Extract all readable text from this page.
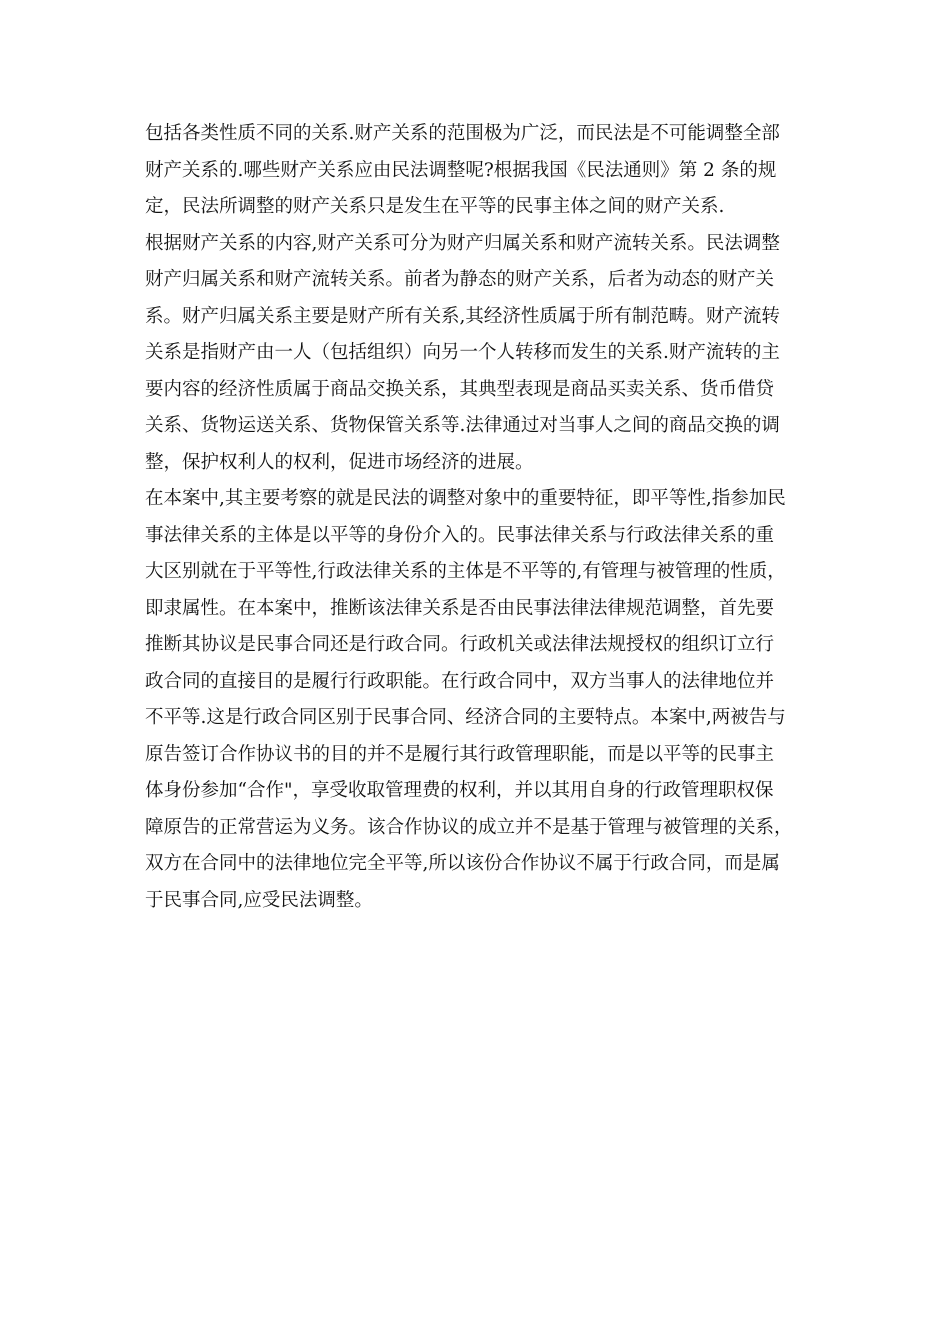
包括各类性质不同的关系.财产关系的范围极为广泛，而民法是不可能调整全部
财产关系的.哪些财产关系应由民法调整呢?根据我国《民法通则》第 2 条的规
定，民法所调整的财产关系只是发生在平等的民事主体之间的财产关系.

根据财产关系的内容,财产关系可分为财产归属关系和财产流转关系。民法调整
财产归属关系和财产流转关系。前者为静态的财产关系，后者为动态的财产关
系。财产归属关系主要是财产所有关系,其经济性质属于所有制范畴。财产流转
关系是指财产由一人（包括组织）向另一个人转移而发生的关系.财产流转的主
要内容的经济性质属于商品交换关系，其典型表现是商品买卖关系、货币借贷
关系、货物运送关系、货物保管关系等.法律通过对当事人之间的商品交换的调
整，保护权利人的权利，促进市场经济的进展。

在本案中,其主要考察的就是民法的调整对象中的重要特征，即平等性,指参加民
事法律关系的主体是以平等的身份介入的。民事法律关系与行政法律关系的重
大区别就在于平等性,行政法律关系的主体是不平等的,有管理与被管理的性质，
即隶属性。在本案中，推断该法律关系是否由民事法律法律规范调整，首先要
推断其协议是民事合同还是行政合同。行政机关或法律法规授权的组织订立行
政合同的直接目的是履行行政职能。在行政合同中，双方当事人的法律地位并
不平等.这是行政合同区别于民事合同、经济合同的主要特点。本案中,两被告与
原告签订合作协议书的目的并不是履行其行政管理职能，而是以平等的民事主
体身份参加“合作"，享受收取管理费的权利，并以其用自身的行政管理职权保
障原告的正常营运为义务。该合作协议的成立并不是基于管理与被管理的关系，
双方在合同中的法律地位完全平等,所以该份合作协议不属于行政合同，而是属
于民事合同,应受民法调整。
